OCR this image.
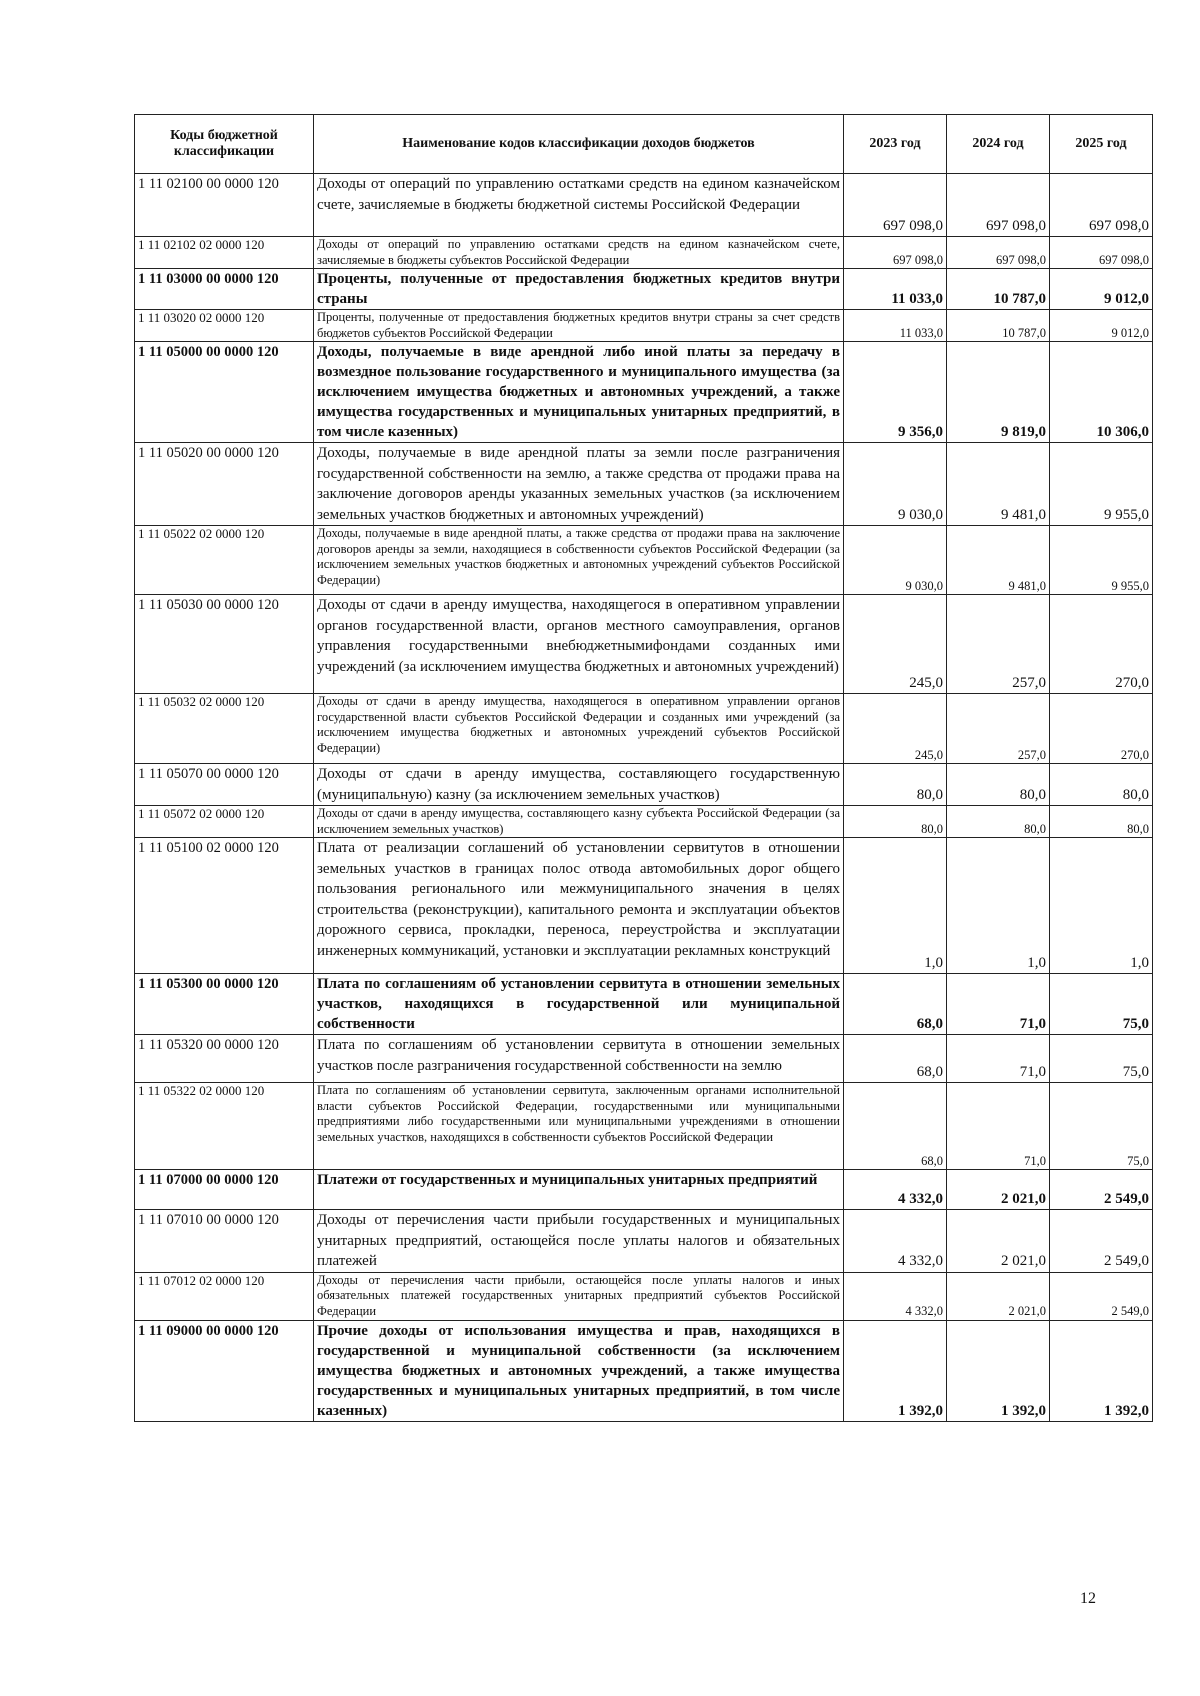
Коды бюджетной классификации	Наименование кодов классификации доходов бюджетов	2023 год	2024 год	2025 год
1 11 02100 00 0000 120	Доходы от операций по управлению остатками средств на едином казначейском счете, зачисляемые в бюджеты бюджетной системы Российской Федерации	697 098,0	697 098,0	697 098,0
1 11 02102 02 0000 120	Доходы от операций по управлению остатками средств на едином казначейском счете, зачисляемые в бюджеты субъектов Российской Федерации	697 098,0	697 098,0	697 098,0
1 11 03000 00 0000 120	Проценты, полученные от предоставления бюджетных кредитов внутри страны	11 033,0	10 787,0	9 012,0
1 11 03020 02 0000 120	Проценты, полученные от предоставления бюджетных кредитов внутри страны за счет средств бюджетов субъектов Российской Федерации	11 033,0	10 787,0	9 012,0
1 11 05000 00 0000 120	Доходы, получаемые в виде арендной либо иной платы за передачу в возмездное пользование государственного и муниципального имущества (за исключением имущества бюджетных и автономных учреждений, а также имущества государственных и муниципальных унитарных предприятий, в том числе казенных)	9 356,0	9 819,0	10 306,0
1 11 05020 00 0000 120	Доходы, получаемые в виде арендной платы за земли после разграничения государственной собственности на землю, а также средства от продажи права на заключение договоров аренды указанных земельных участков (за исключением земельных участков бюджетных и автономных учреждений)	9 030,0	9 481,0	9 955,0
1 11 05022 02 0000 120	Доходы, получаемые в виде арендной платы, а также средства от продажи права на заключение договоров аренды за земли, находящиеся в собственности субъектов Российской Федерации (за исключением земельных участков бюджетных и автономных учреждений субъектов Российской Федерации)	9 030,0	9 481,0	9 955,0
1 11 05030 00 0000 120	Доходы от сдачи в аренду имущества, находящегося в оперативном управлении органов государственной власти, органов местного самоуправления, органов управления государственными внебюджетнымифондами созданных ими учреждений (за исключением имущества бюджетных и автономных учреждений)	245,0	257,0	270,0
1 11 05032 02 0000 120	Доходы от сдачи в аренду имущества, находящегося в оперативном управлении органов государственной власти субъектов Российской Федерации и созданных ими учреждений (за исключением имущества бюджетных и автономных учреждений субъектов Российской Федерации)	245,0	257,0	270,0
1 11 05070 00 0000 120	Доходы от сдачи в аренду имущества, составляющего государственную (муниципальную) казну (за исключением земельных участков)	80,0	80,0	80,0
1 11 05072 02 0000 120	Доходы от сдачи в аренду имущества, составляющего казну субъекта Российской Федерации (за исключением земельных участков)	80,0	80,0	80,0
1 11 05100 02 0000 120	Плата от реализации соглашений об установлении сервитутов в отношении земельных участков в границах полос отвода автомобильных дорог общего пользования регионального или межмуниципального значения в целях строительства (реконструкции), капитального ремонта и эксплуатации объектов дорожного сервиса, прокладки, переноса, переустройства и эксплуатации инженерных коммуникаций, установки и эксплуатации рекламных конструкций	1,0	1,0	1,0
1 11 05300 00 0000 120	Плата по соглашениям об установлении сервитута в отношении земельных участков, находящихся в государственной или муниципальной собственности	68,0	71,0	75,0
1 11 05320 00 0000 120	Плата по соглашениям об установлении сервитута в отношении земельных участков после разграничения государственной собственности на землю	68,0	71,0	75,0
1 11 05322 02 0000 120	Плата по соглашениям об установлении сервитута, заключенным органами исполнительной власти субъектов Российской Федерации, государственными или муниципальными предприятиями либо государственными или муниципальными учреждениями в отношении земельных участков, находящихся в собственности субъектов Российской Федерации	68,0	71,0	75,0
1 11 07000 00 0000 120	Платежи от государственных и муниципальных унитарных предприятий	4 332,0	2 021,0	2 549,0
1 11 07010 00 0000 120	Доходы от перечисления части прибыли государственных и муниципальных унитарных предприятий, остающейся после уплаты налогов и обязательных платежей	4 332,0	2 021,0	2 549,0
1 11 07012 02 0000 120	Доходы от перечисления части прибыли, остающейся после уплаты налогов и иных обязательных платежей государственных унитарных предприятий субъектов Российской Федерации	4 332,0	2 021,0	2 549,0
1 11 09000 00 0000 120	Прочие доходы от использования имущества и прав, находящихся в государственной и муниципальной собственности (за исключением имущества бюджетных и автономных учреждений, а также имущества государственных и муниципальных унитарных предприятий, в том числе казенных)	1 392,0	1 392,0	1 392,0
12
